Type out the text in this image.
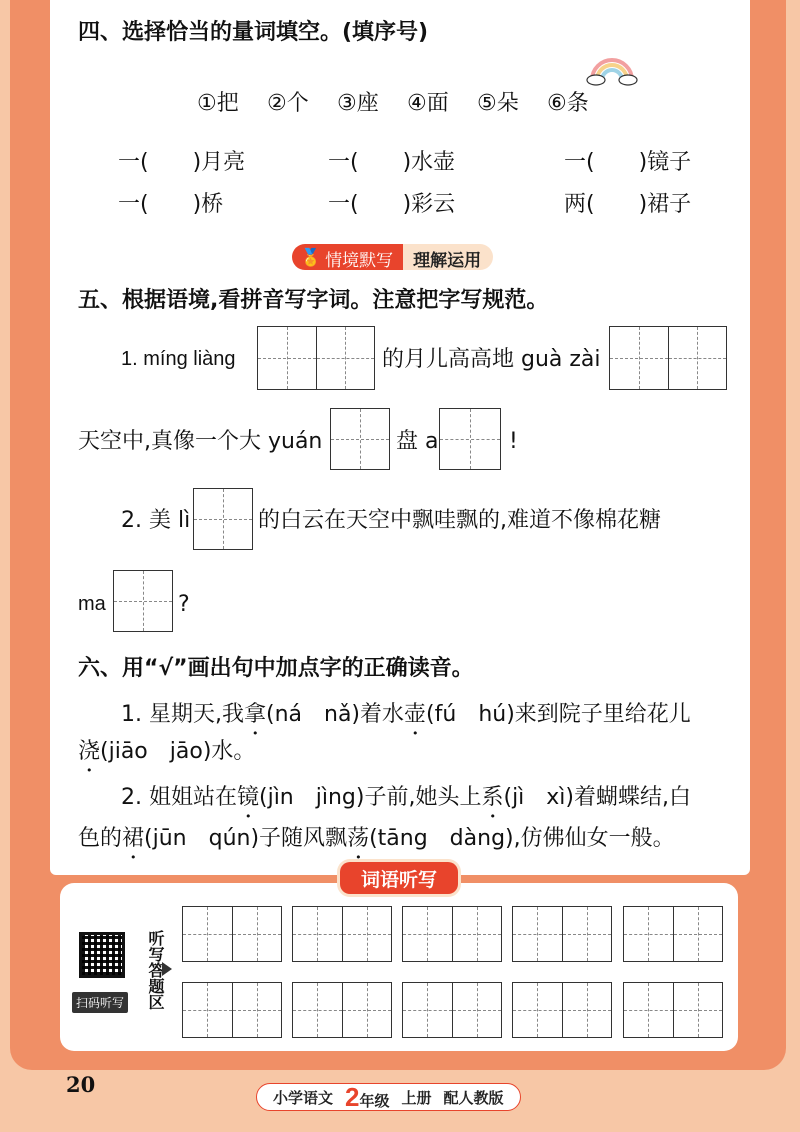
四、选择恰当的量词填空。(填序号)
①把 ②个 ③座 ④面 ⑤朵 ⑥条
一(　　)月亮	一(　　)水壶	一(　　)镜子
一(　　)桥	一(　　)彩云	两(　　)裙子
🏅 情境默写	理解运用
五、根据语境,看拼音写字词。注意把字写规范。
1. míng liàng	的月儿高高地 guà zài
天空中,真像一个大 yuán	盘 a	!
2. 美 lì	的白云在天空中飘哇飘的,难道不像棉花糖
ma	?
六、用“√”画出句中加点字的正确读音。
1. 星期天,我拿(ná　nǎ)着水壶(fú　hú)来到院子里给花儿
浇(jiāo　jāo)水。
2. 姐姐站在镜(jìn　jìng)子前,她头上系(jì　xì)着蝴蝶结,白
色的裙(jūn　qún)子随风飘荡(tāng　dàng),仿佛仙女一般。
词语听写
扫码听写 听写答题区
20
小学语文 2年级 上册 配人教版
